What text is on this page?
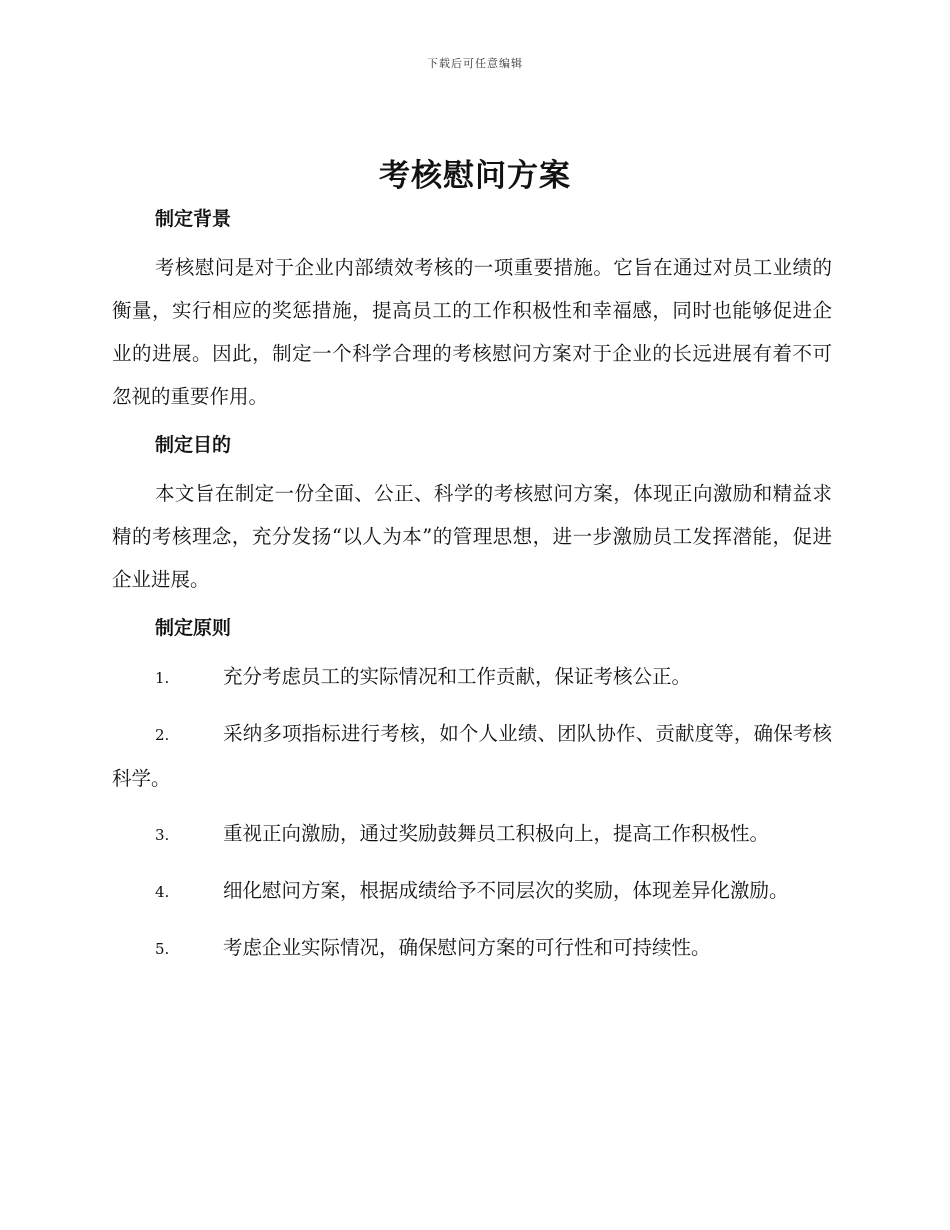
下载后可任意编辑
考核慰问方案
制定背景

考核慰问是对于企业内部绩效考核的一项重要措施。它旨在通过对员工业绩的衡量，实行相应的奖惩措施，提高员工的工作积极性和幸福感，同时也能够促进企业的进展。因此，制定一个科学合理的考核慰问方案对于企业的长远进展有着不可忽视的重要作用。

制定目的

本文旨在制定一份全面、公正、科学的考核慰问方案，体现正向激励和精益求精的考核理念，充分发扬“以人为本”的管理思想，进一步激励员工发挥潜能，促进企业进展。

制定原则

1.	充分考虑员工的实际情况和工作贡献，保证考核公正。

2.	采纳多项指标进行考核，如个人业绩、团队协作、贡献度等，确保考核科学。

3.	重视正向激励，通过奖励鼓舞员工积极向上，提高工作积极性。

4.	细化慰问方案，根据成绩给予不同层次的奖励，体现差异化激励。

5.	考虑企业实际情况，确保慰问方案的可行性和可持续性。
